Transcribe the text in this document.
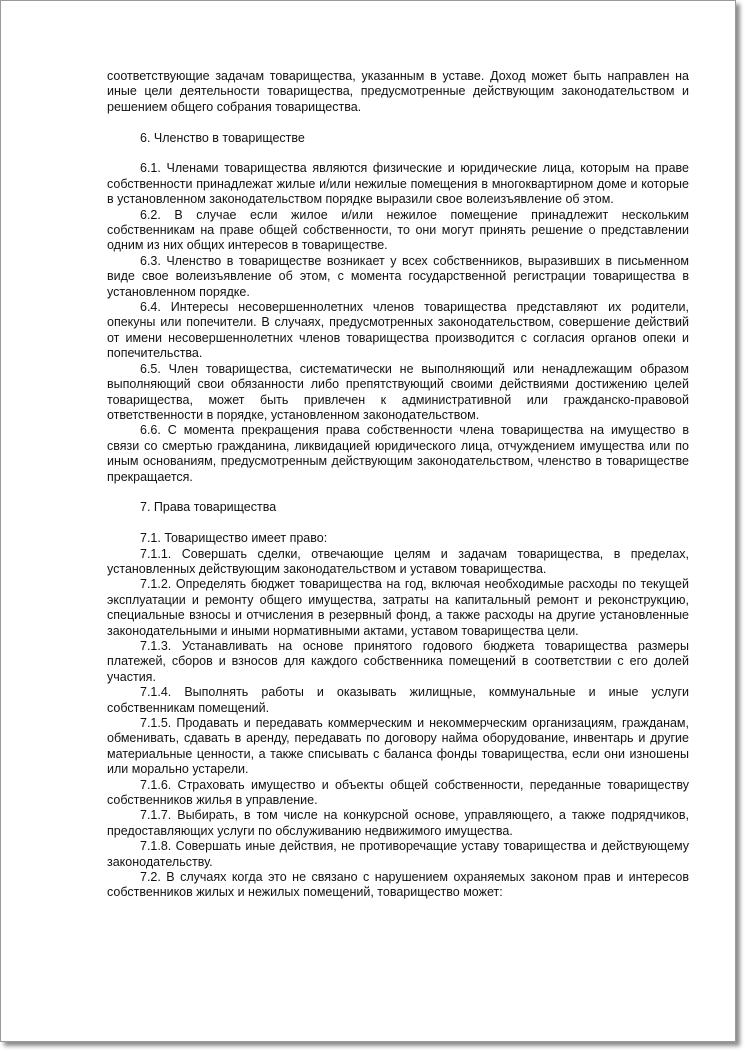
соответствующие задачам товарищества, указанным в уставе. Доход может быть направлен на иные цели деятельности товарищества, предусмотренные действующим законодательством и решением общего собрания товарищества.

6. Членство в товариществе

6.1. Членами товарищества являются физические и юридические лица, которым на праве собственности принадлежат жилые и/или нежилые помещения в многоквартирном доме и которые в установленном законодательством порядке выразили свое волеизъявление об этом.

6.2. В случае если жилое и/или нежилое помещение принадлежит нескольким собственникам на праве общей собственности, то они могут принять решение о представлении одним из них общих интересов в товариществе.

6.3. Членство в товариществе возникает у всех собственников, выразивших в письменном виде свое волеизъявление об этом, с момента государственной регистрации товарищества в установленном порядке.

6.4. Интересы несовершеннолетних членов товарищества представляют их родители, опекуны или попечители. В случаях, предусмотренных законодательством, совершение действий от имени несовершеннолетних членов товарищества производится с согласия органов опеки и попечительства.

6.5. Член товарищества, систематически не выполняющий или ненадлежащим образом выполняющий свои обязанности либо препятствующий своими действиями достижению целей товарищества, может быть привлечен к административной или гражданско-правовой ответственности в порядке, установленном законодательством.

6.6. С момента прекращения права собственности члена товарищества на имущество в связи со смертью гражданина, ликвидацией юридического лица, отчуждением имущества или по иным основаниям, предусмотренным действующим законодательством, членство в товариществе прекращается.

7. Права товарищества

7.1. Товарищество имеет право:

7.1.1. Совершать сделки, отвечающие целям и задачам товарищества, в пределах, установленных действующим законодательством и уставом товарищества.

7.1.2. Определять бюджет товарищества на год, включая необходимые расходы по текущей эксплуатации и ремонту общего имущества, затраты на капитальный ремонт и реконструкцию, специальные взносы и отчисления в резервный фонд, а также расходы на другие установленные законодательными и иными нормативными актами, уставом товарищества цели.

7.1.3. Устанавливать на основе принятого годового бюджета товарищества размеры платежей, сборов и взносов для каждого собственника помещений в соответствии с его долей участия.

7.1.4. Выполнять работы и оказывать жилищные, коммунальные и иные услуги собственникам помещений.

7.1.5. Продавать и передавать коммерческим и некоммерческим организациям, гражданам, обменивать, сдавать в аренду, передавать по договору найма оборудование, инвентарь и другие материальные ценности, а также списывать с баланса фонды товарищества, если они изношены или морально устарели.

7.1.6. Страховать имущество и объекты общей собственности, переданные товариществу собственников жилья в управление.

7.1.7. Выбирать, в том числе на конкурсной основе, управляющего, а также подрядчиков, предоставляющих услуги по обслуживанию недвижимого имущества.

7.1.8. Совершать иные действия, не противоречащие уставу товарищества и действующему законодательству.

7.2. В случаях когда это не связано с нарушением охраняемых законом прав и интересов собственников жилых и нежилых помещений, товарищество может:
